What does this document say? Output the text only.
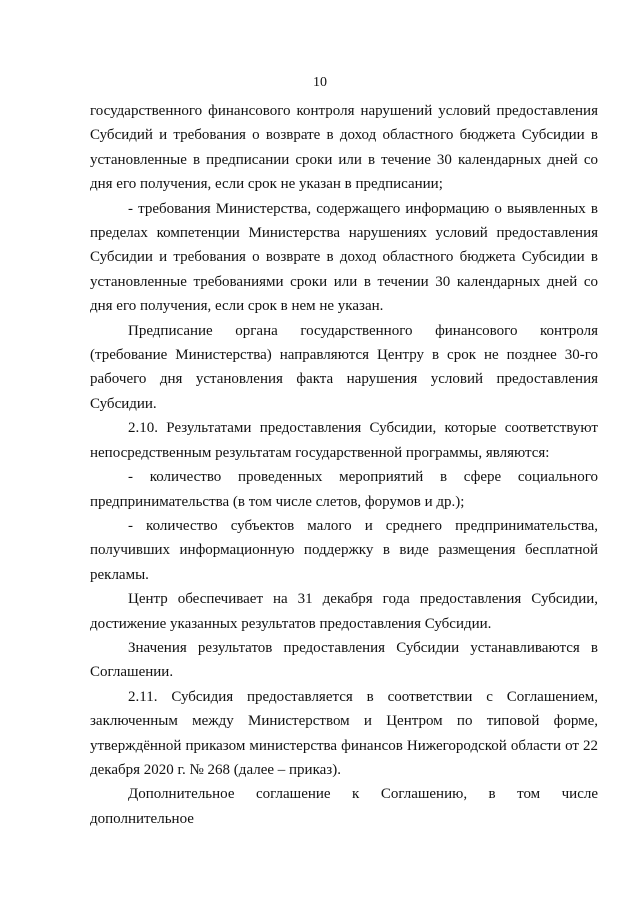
10

государственного финансового контроля нарушений условий предоставления Субсидий и требования о возврате в доход областного бюджета Субсидии в установленные в предписании сроки или в течение 30 календарных дней со дня его получения, если срок не указан в предписании;

- требования Министерства, содержащего информацию о выявленных в пределах компетенции Министерства нарушениях условий предоставления Субсидии и требования о возврате в доход областного бюджета Субсидии в установленные требованиями сроки или в течении 30 календарных дней со дня его получения, если срок в нем не указан.

Предписание органа государственного финансового контроля (требование Министерства) направляются Центру в срок не позднее 30-го рабочего дня установления факта нарушения условий предоставления Субсидии.

2.10. Результатами предоставления Субсидии, которые соответствуют непосредственным результатам государственной программы, являются:

- количество проведенных мероприятий в сфере социального предпринимательства (в том числе слетов, форумов и др.);

- количество субъектов малого и среднего предпринимательства, получивших информационную поддержку в виде размещения бесплатной рекламы.

Центр обеспечивает на 31 декабря года предоставления Субсидии, достижение указанных результатов предоставления Субсидии.

Значения результатов предоставления Субсидии устанавливаются в Соглашении.

2.11. Субсидия предоставляется в соответствии с Соглашением, заключенным между Министерством и Центром по типовой форме, утверждённой приказом министерства финансов Нижегородской области от 22 декабря 2020 г. № 268 (далее – приказ).

Дополнительное соглашение к Соглашению, в том числе дополнительное
